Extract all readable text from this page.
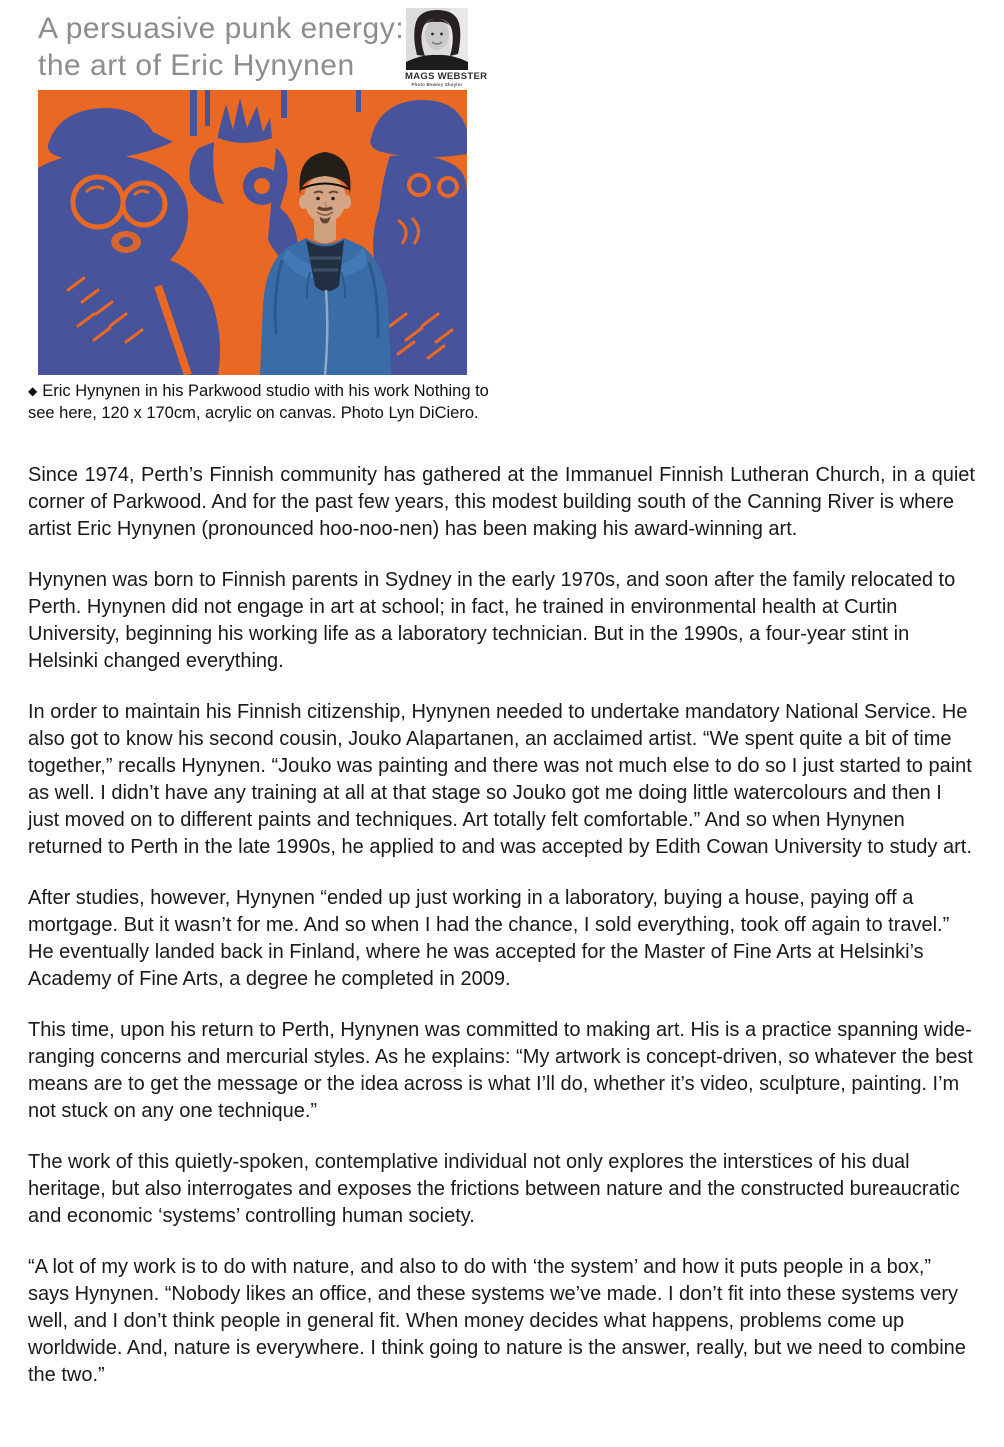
A persuasive punk energy:
the art of Eric Hynynen	MAGS WEBSTER
Photo Bewley Shaylor

◆ Eric Hynynen in his Parkwood studio with his work Nothing to see here, 120 x 170cm, acrylic on canvas. Photo Lyn DiCiero.

Since 1974, Perth’s Finnish community has gathered at the Immanuel Finnish Lutheran Church, in a quiet corner of Parkwood. And for the past few years, this modest building south of the Canning River is where
artist Eric Hynynen (pronounced hoo-noo-nen) has been making his award-winning art.

Hynynen was born to Finnish parents in Sydney in the early 1970s, and soon after the family relocated to Perth. Hynynen did not engage in art at school; in fact, he trained in environmental health at Curtin University, beginning his working life as a laboratory technician. But in the 1990s, a four-year stint in Helsinki changed everything.

In order to maintain his Finnish citizenship, Hynynen needed to undertake mandatory National Service. He also got to know his second cousin, Jouko Alapartanen, an acclaimed artist. “We spent quite a bit of time together,” recalls Hynynen. “Jouko was painting and there was not much else to do so I just started to paint as well. I didn’t have any training at all at that stage so Jouko got me doing little watercolours and then I just moved on to different paints and techniques. Art totally felt comfortable.” And so when Hynynen returned to Perth in the late 1990s, he applied to and was accepted by Edith Cowan University to study art.

After studies, however, Hynynen “ended up just working in a laboratory, buying a house, paying off a mortgage. But it wasn’t for me. And so when I had the chance, I sold everything, took off again to travel.” He eventually landed back in Finland, where he was accepted for the Master of Fine Arts at Helsinki’s Academy of Fine Arts, a degree he completed in 2009.

This time, upon his return to Perth, Hynynen was committed to making art. His is a practice spanning wide-ranging concerns and mercurial styles. As he explains: “My artwork is concept-driven, so whatever the best means are to get the message or the idea across is what I’ll do, whether it’s video, sculpture, painting. I’m not stuck on any one technique.”

The work of this quietly-spoken, contemplative individual not only explores the interstices of his dual heritage, but also interrogates and exposes the frictions between nature and the constructed bureaucratic and economic ‘systems’ controlling human society.

“A lot of my work is to do with nature, and also to do with ‘the system’ and how it puts people in a box,” says Hynynen. “Nobody likes an office, and these systems we’ve made. I don’t fit into these systems very well, and I don’t think people in general fit. When money decides what happens, problems come up worldwide. And, nature is everywhere. I think going to nature is the answer, really, but we need to combine the two.”
